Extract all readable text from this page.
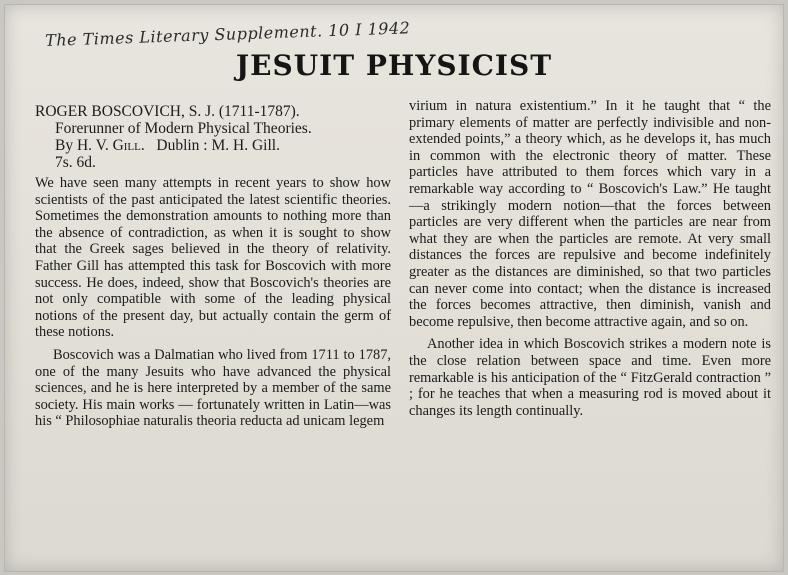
The Times Literary Supplement. 10 I 1942
JESUIT PHYSICIST
ROGER BOSCOVICH, S. J. (1711-1787).
Forerunner of Modern Physical Theories.
By H. V. Gill. Dublin : M. H. Gill.
7s. 6d.

We have seen many attempts in recent years to show how scientists of the past anticipated the latest scientific theories. Sometimes the demonstration amounts to nothing more than the absence of contradiction, as when it is sought to show that the Greek sages believed in the theory of relativity. Father Gill has attempted this task for Boscovich with more success. He does, indeed, show that Boscovich's theories are not only compatible with some of the leading physical notions of the present day, but actually contain the germ of these notions.

Boscovich was a Dalmatian who lived from 1711 to 1787, one of the many Jesuits who have advanced the physical sciences, and he is here interpreted by a member of the same society. His main works — fortunately written in Latin—was his “ Philosophiae naturalis theoria reducta ad unicam legem

virium in natura existentium.” In it he taught that “ the primary elements of matter are perfectly indivisible and non-extended points,” a theory which, as he develops it, has much in common with the electronic theory of matter. These particles have attributed to them forces which vary in a remarkable way according to “ Boscovich's Law.” He taught —a strikingly modern notion—that the forces between particles are very different when the particles are near from what they are when the particles are remote. At very small distances the forces are repulsive and become indefinitely greater as the distances are diminished, so that two particles can never come into contact; when the distance is increased the forces becomes attractive, then diminish, vanish and become repulsive, then become attractive again, and so on.

Another idea in which Boscovich strikes a modern note is the close relation between space and time. Even more remarkable is his anticipation of the “ FitzGerald contraction ” ; for he teaches that when a measuring rod is moved about it changes its length continually.
